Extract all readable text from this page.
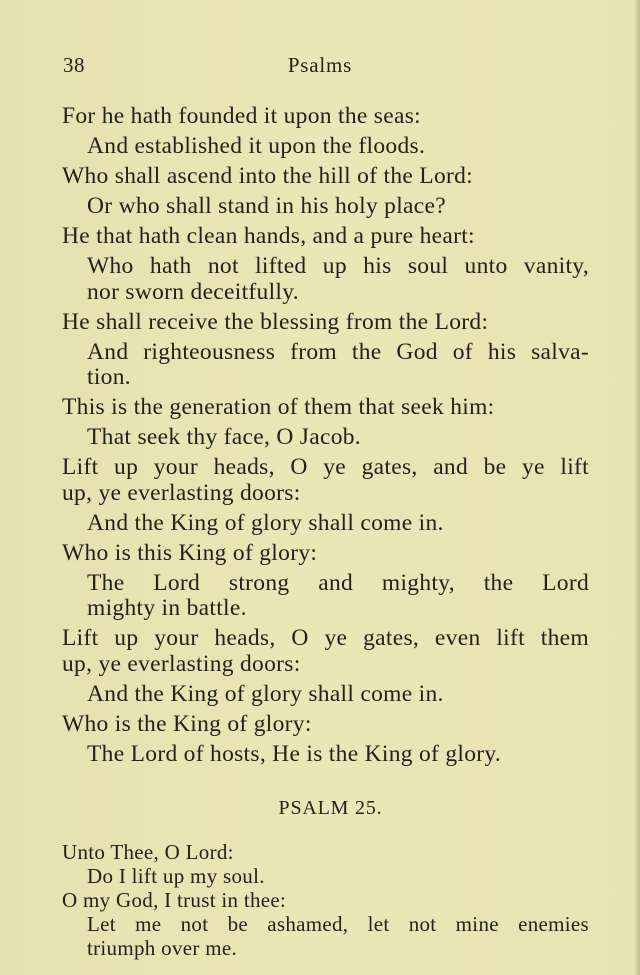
38	Psalms
For he hath founded it upon the seas:
And established it upon the floods.
Who shall ascend into the hill of the Lord:
Or who shall stand in his holy place?
He that hath clean hands, and a pure heart:
Who hath not lifted up his soul unto vanity,
nor sworn deceitfully.
He shall receive the blessing from the Lord:
And righteousness from the God of his salva-
tion.
This is the generation of them that seek him:
That seek thy face, O Jacob.
Lift up your heads, O ye gates, and be ye lift
up, ye everlasting doors:
And the King of glory shall come in.
Who is this King of glory:
The Lord strong and mighty, the Lord
mighty in battle.
Lift up your heads, O ye gates, even lift them
up, ye everlasting doors:
And the King of glory shall come in.
Who is the King of glory:
The Lord of hosts, He is the King of glory.
PSALM 25.
Unto Thee, O Lord:
Do I lift up my soul.
O my God, I trust in thee:
Let me not be ashamed, let not mine enemies
triumph over me.
